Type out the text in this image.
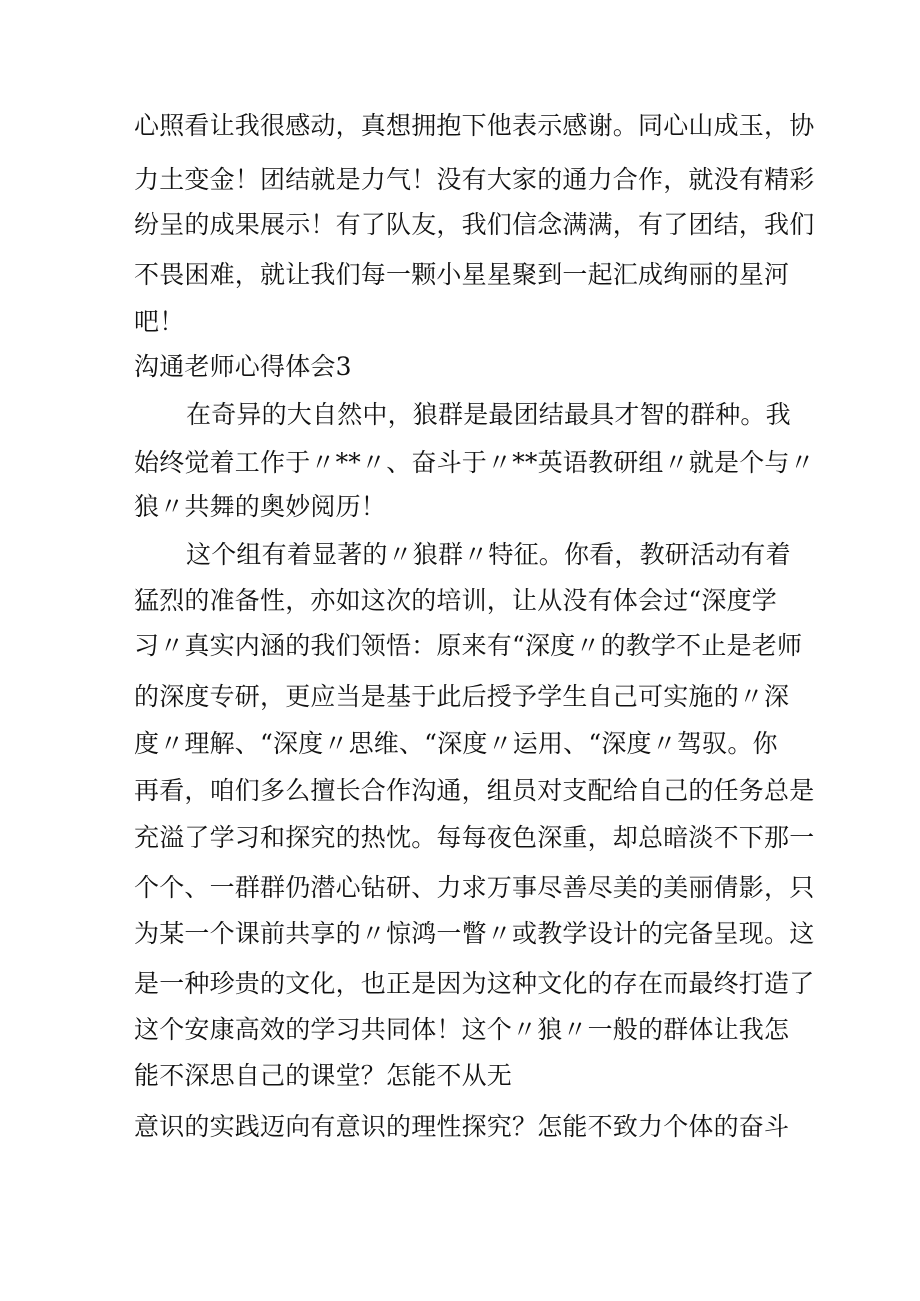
心照看让我很感动，真想拥抱下他表示感谢。同心山成玉，协
力土变金！团结就是力气！没有大家的通力合作，就没有精彩
纷呈的成果展示！有了队友，我们信念满满，有了团结，我们
不畏困难，就让我们每一颗小星星聚到一起汇成绚丽的星河
吧！
沟通老师心得体会3
在奇异的大自然中，狼群是最团结最具才智的群种。我
始终觉着工作于〃**〃、奋斗于〃**英语教研组〃就是个与〃
狼〃共舞的奥妙阅历！
这个组有着显著的〃狼群〃特征。你看，教研活动有着
猛烈的准备性，亦如这次的培训，让从没有体会过“深度学
习〃真实内涵的我们领悟：原来有“深度〃的教学不止是老师
的深度专研，更应当是基于此后授予学生自己可实施的〃深
度〃理解、“深度〃思维、“深度〃运用、“深度〃驾驭。你
再看，咱们多么擅长合作沟通，组员对支配给自己的任务总是
充溢了学习和探究的热忱。每每夜色深重，却总暗淡不下那一
个个、一群群仍潜心钻研、力求万事尽善尽美的美丽倩影，只
为某一个课前共享的〃惊鸿一瞥〃或教学设计的完备呈现。这
是一种珍贵的文化，也正是因为这种文化的存在而最终打造了
这个安康高效的学习共同体！这个〃狼〃一般的群体让我怎
能不深思自己的课堂？怎能不从无
意识的实践迈向有意识的理性探究？怎能不致力个体的奋斗
